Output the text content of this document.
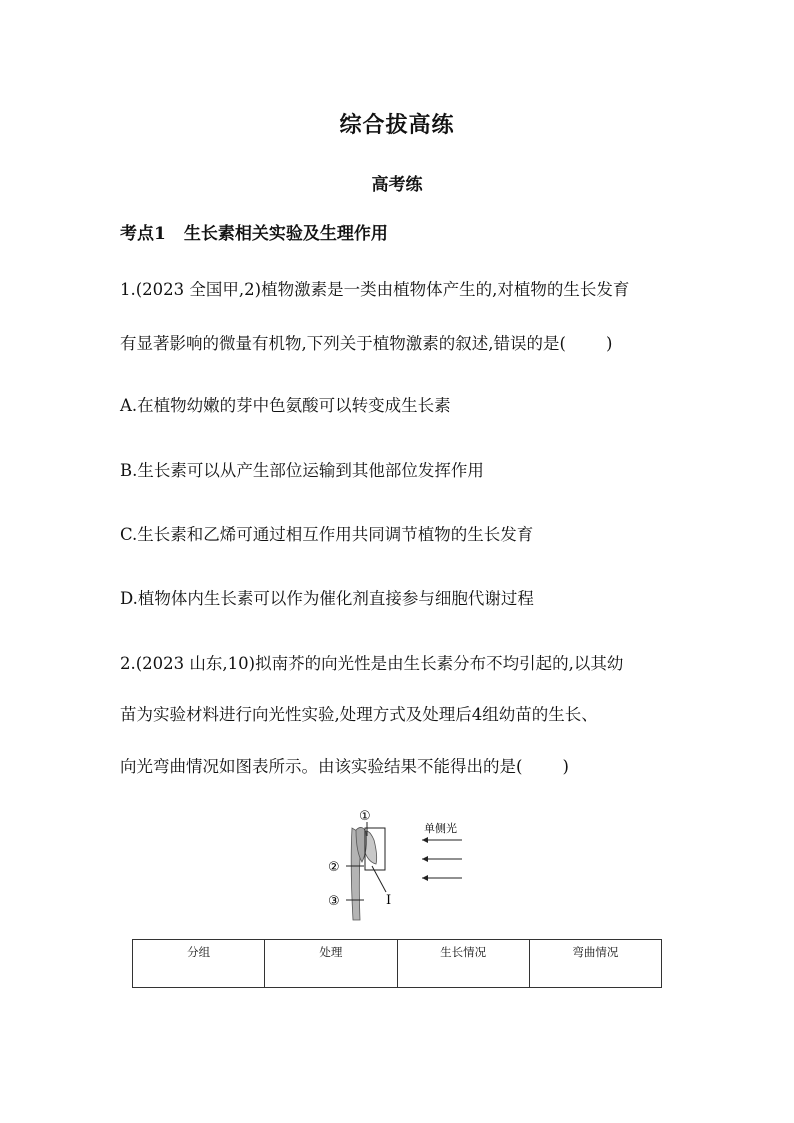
综合拔高练
高考练
考点1 生长素相关实验及生理作用
1.(2023 全国甲,2)植物激素是一类由植物体产生的,对植物的生长发育
有显著影响的微量有机物,下列关于植物激素的叙述,错误的是( )
A.在植物幼嫩的芽中色氨酸可以转变成生长素
B.生长素可以从产生部位运输到其他部位发挥作用
C.生长素和乙烯可通过相互作用共同调节植物的生长发育
D.植物体内生长素可以作为催化剂直接参与细胞代谢过程
2.(2023 山东,10)拟南芥的向光性是由生长素分布不均引起的,以其幼
苗为实验材料进行向光性实验,处理方式及处理后4组幼苗的生长、
向光弯曲情况如图表所示。由该实验结果不能得出的是( )
单侧光
①
②
③	I
分组	处理	生长情况	弯曲情况
